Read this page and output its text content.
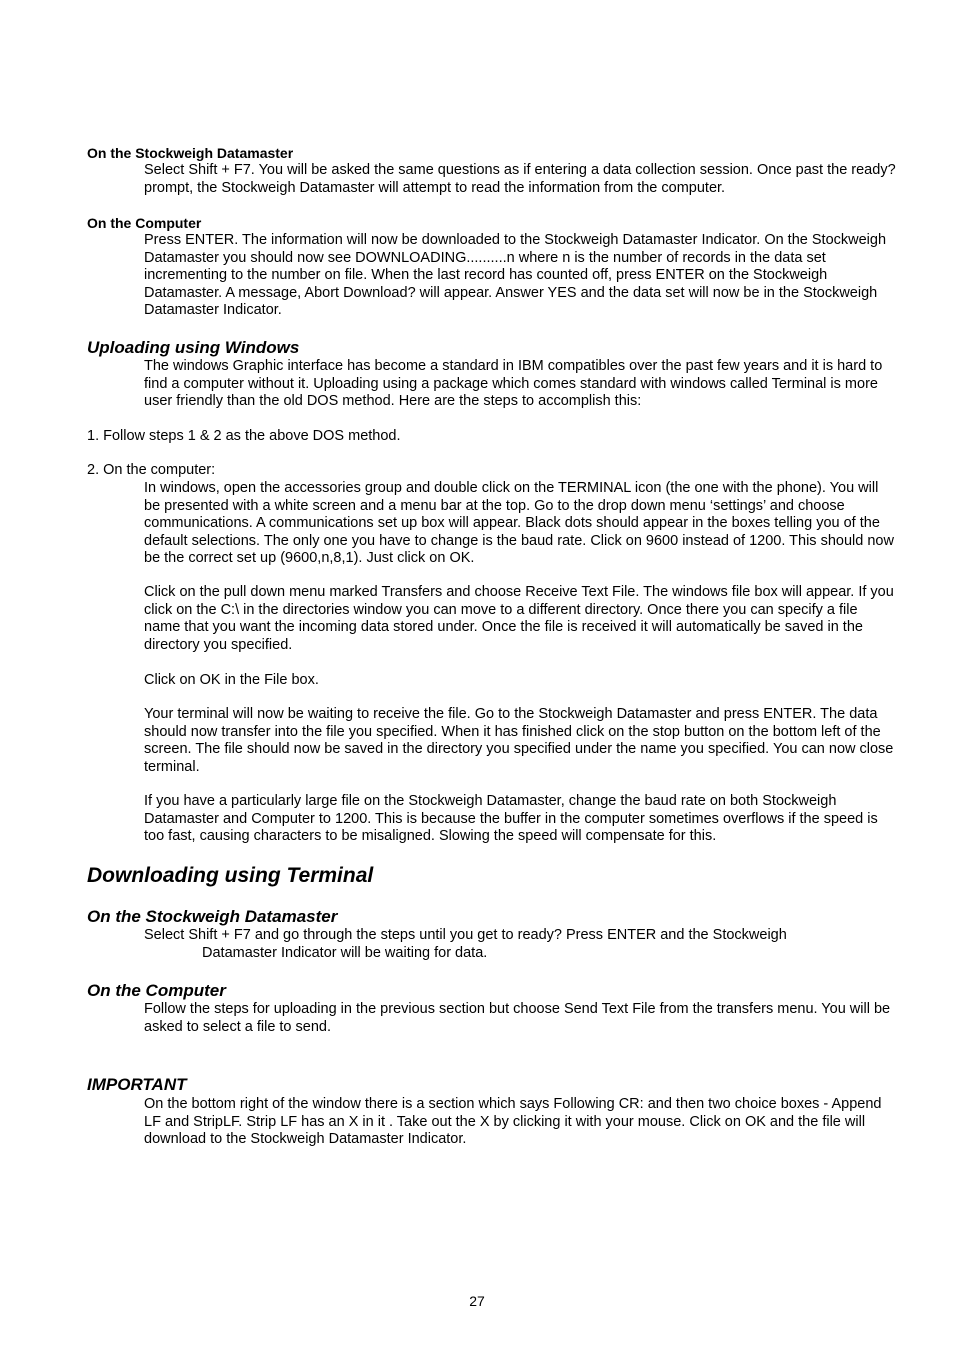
On the Stockweigh Datamaster

Select Shift + F7. You will be asked the same questions as if entering a data collection session. Once past the ready? prompt, the Stockweigh Datamaster will attempt to read the information from the computer.

On the Computer

Press ENTER. The information will now be downloaded to the Stockweigh Datamaster Indicator. On the Stockweigh Datamaster you should now see DOWNLOADING..........n where n is the number of records in the data set incrementing to the number on file. When the last record has counted off, press ENTER on the Stockweigh Datamaster. A message, Abort Download? will appear. Answer YES and the data set will now be in the Stockweigh Datamaster Indicator.

Uploading using Windows

The windows Graphic interface has become a standard in IBM compatibles over the past few years and it is hard to find a computer without it. Uploading using a package which comes standard with windows called Terminal is more user friendly than the old DOS method. Here are the steps to accomplish this:

1. Follow steps 1 & 2 as the above DOS method.

2. On the computer:

In windows, open the accessories group and double click on the TERMINAL icon (the one with the phone). You will be presented with a white screen and a menu bar at the top. Go to the drop down menu ‘settings’ and choose communications. A communications set up box will appear. Black dots should appear in the boxes telling you of the default selections. The only one you have to change is the baud rate. Click on 9600 instead of 1200. This should now be the correct set up (9600,n,8,1). Just click on OK.

Click on the pull down menu marked Transfers and choose Receive Text File. The windows file box will appear. If you click on the C:\ in the directories window you can move to a different directory. Once there you can specify a file name that you want the incoming data stored under. Once the file is received it will automatically be saved in the directory you specified.

Click on OK in the File box.

Your terminal will now be waiting to receive the file. Go to the Stockweigh Datamaster and press ENTER. The data should now transfer into the file you specified. When it has finished click on the stop button on the bottom left of the screen. The file should now be saved in the directory you specified under the name you specified. You can now close terminal.

If you have a particularly large file on the Stockweigh Datamaster, change the baud rate on both Stockweigh Datamaster and Computer to 1200. This is because the buffer in the computer sometimes overflows if the speed is too fast, causing characters to be misaligned. Slowing the speed will compensate for this.

Downloading using Terminal
On the Stockweigh Datamaster

Select Shift + F7 and go through the steps until you get to ready? Press ENTER and the Stockweigh
Datamaster Indicator will be waiting for data.

On the Computer

Follow the steps for uploading in the previous section but choose Send Text File from the transfers menu. You will be asked to select a file to send.

IMPORTANT

On the bottom right of the window there is a section which says Following CR: and then two choice boxes - Append LF and StripLF. Strip LF has an X in it . Take out the X by clicking it with your mouse. Click on OK and the file will download to the Stockweigh Datamaster Indicator.

27
